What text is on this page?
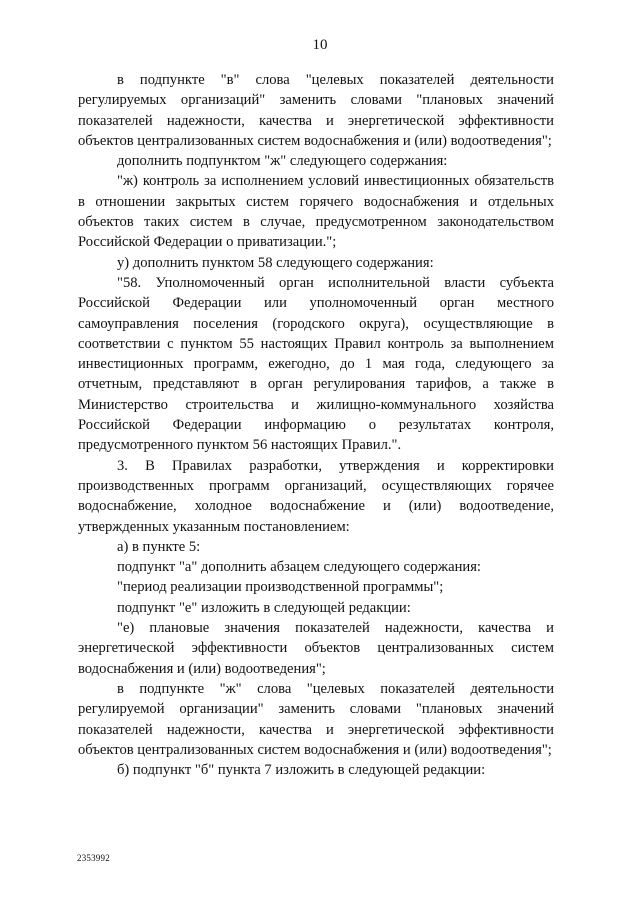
10

в подпункте "в" слова "целевых показателей деятельности регулируемых организаций" заменить словами "плановых значений показателей надежности, качества и энергетической эффективности объектов централизованных систем водоснабжения и (или) водоотведения";

дополнить подпунктом "ж" следующего содержания:

"ж) контроль за исполнением условий инвестиционных обязательств в отношении закрытых систем горячего водоснабжения и отдельных объектов таких систем в случае, предусмотренном законодательством Российской Федерации о приватизации.";

у) дополнить пунктом 58 следующего содержания:

"58. Уполномоченный орган исполнительной власти субъекта Российской Федерации или уполномоченный орган местного самоуправления поселения (городского округа), осуществляющие в соответствии с пунктом 55 настоящих Правил контроль за выполнением инвестиционных программ, ежегодно, до 1 мая года, следующего за отчетным, представляют в орган регулирования тарифов, а также в Министерство строительства и жилищно-коммунального хозяйства Российской Федерации информацию о результатах контроля, предусмотренного пунктом 56 настоящих Правил.".

3. В Правилах разработки, утверждения и корректировки производственных программ организаций, осуществляющих горячее водоснабжение, холодное водоснабжение и (или) водоотведение, утвержденных указанным постановлением:

а) в пункте 5:

подпункт "а" дополнить абзацем следующего содержания:

"период реализации производственной программы";

подпункт "е" изложить в следующей редакции:

"е) плановые значения показателей надежности, качества и энергетической эффективности объектов централизованных систем водоснабжения и (или) водоотведения";

в подпункте "ж" слова "целевых показателей деятельности регулируемой организации" заменить словами "плановых значений показателей надежности, качества и энергетической эффективности объектов централизованных систем водоснабжения и (или) водоотведения";

б) подпункт "б" пункта 7 изложить в следующей редакции:

2353992
